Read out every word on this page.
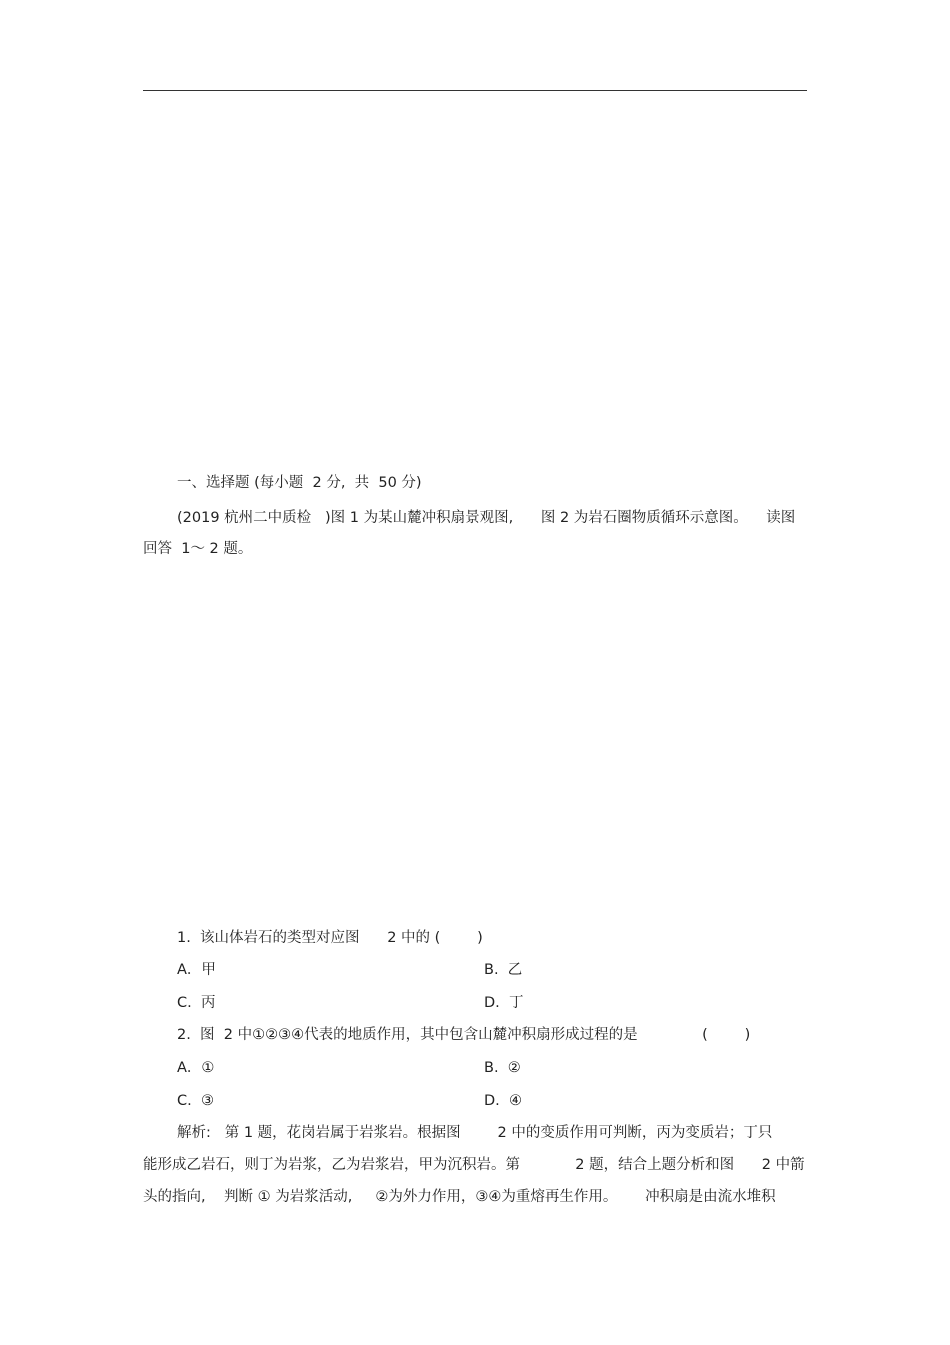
一、选择题 (每小题  2 分,  共  50 分)
(2019 杭州二中质检   )图 1 为某山麓冲积扇景观图,      图 2 为岩石圈物质循环示意图。    读图
回答  1～ 2 题。
1.  该山体岩石的类型对应图      2 中的 (        )
A．甲	B.  乙
C.  丙	D.  丁
2.  图  2 中①②③④代表的地质作用，其中包含山麓冲积扇形成过程的是              (        )
A．①	B.  ②
C.  ③	D.  ④
解析:   第 1 题，花岗岩属于岩浆岩。根据图        2 中的变质作用可判断，丙为变质岩；丁只
能形成乙岩石，则丁为岩浆，乙为岩浆岩，甲为沉积岩。第            2 题，结合上题分析和图      2 中箭
头的指向,    判断 ① 为岩浆活动,     ②为外力作用，③④为重熔再生作用。      冲积扇是由流水堆积
